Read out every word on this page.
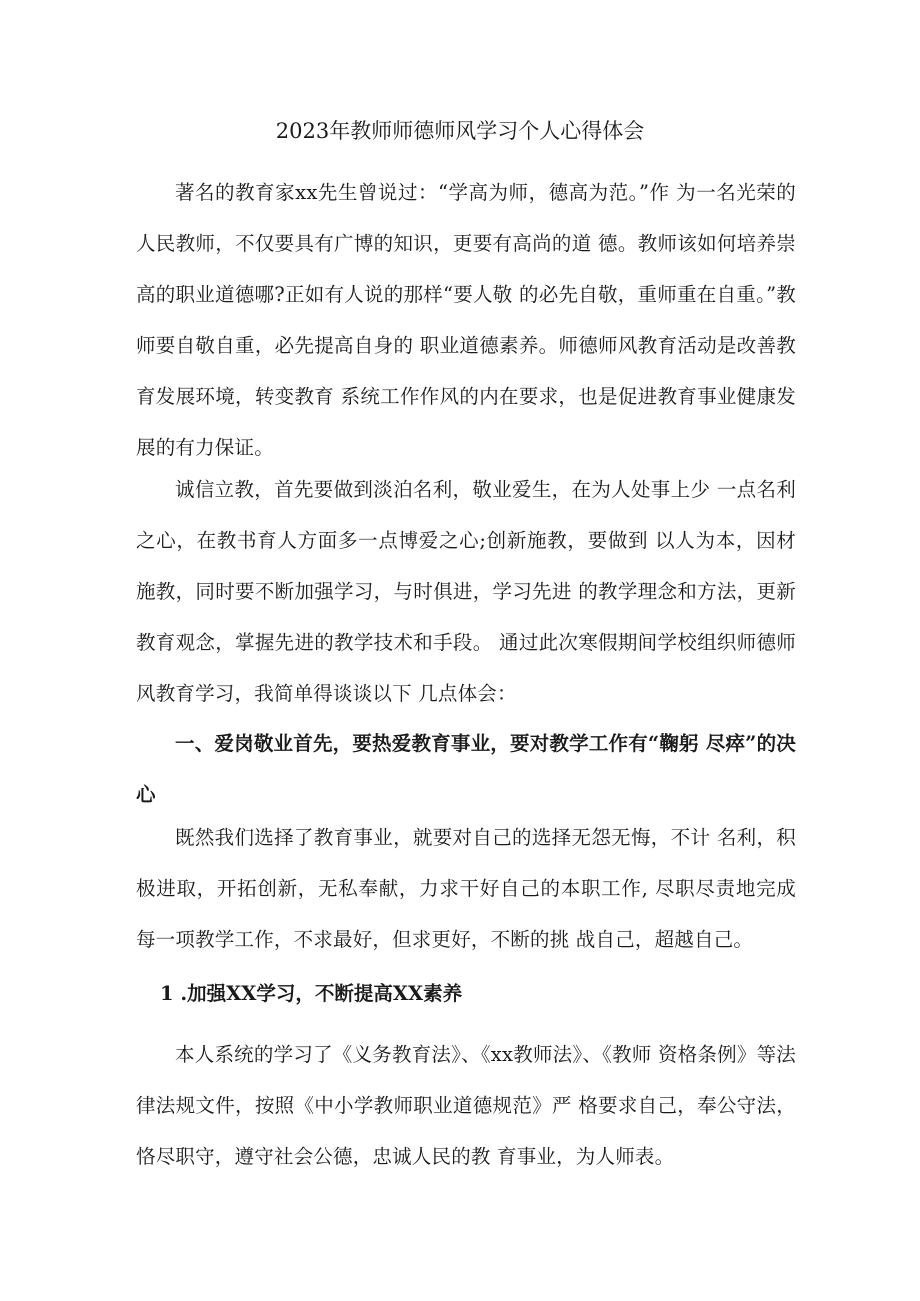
2023年教师师德师风学习个人心得体会
著名的教育家xx先生曾说过：“学高为师，德高为范。”作 为一名光荣的人民教师，不仅要具有广博的知识，更要有高尚的道 德。教师该如何培养崇高的职业道德哪?正如有人说的那样“要人敬 的必先自敬，重师重在自重。”教师要自敬自重，必先提高自身的 职业道德素养。师德师风教育活动是改善教育发展环境，转变教育 系统工作作风的内在要求，也是促进教育事业健康发展的有力保证。
诚信立教，首先要做到淡泊名利，敬业爱生，在为人处事上少 一点名利之心，在教书育人方面多一点博爱之心;创新施教，要做到 以人为本，因材施教，同时要不断加强学习，与时俱进，学习先进 的教学理念和方法，更新教育观念，掌握先进的教学技术和手段。 通过此次寒假期间学校组织师德师风教育学习，我简单得谈谈以下 几点体会：
一、爱岗敬业首先，要热爱教育事业，要对教学工作有“鞠躬 尽瘁”的决心
既然我们选择了教育事业，就要对自己的选择无怨无悔，不计 名利，积极进取，开拓创新，无私奉献，力求干好自己的本职工作, 尽职尽责地完成每一项教学工作，不求最好，但求更好，不断的挑 战自己，超越自己。
1 .加强XX学习，不断提高XX素养
本人系统的学习了《义务教育法》、《xx教师法》、《教师 资格条例》等法律法规文件，按照《中小学教师职业道德规范》严 格要求自己，奉公守法，恪尽职守，遵守社会公德，忠诚人民的教 育事业，为人师表。
